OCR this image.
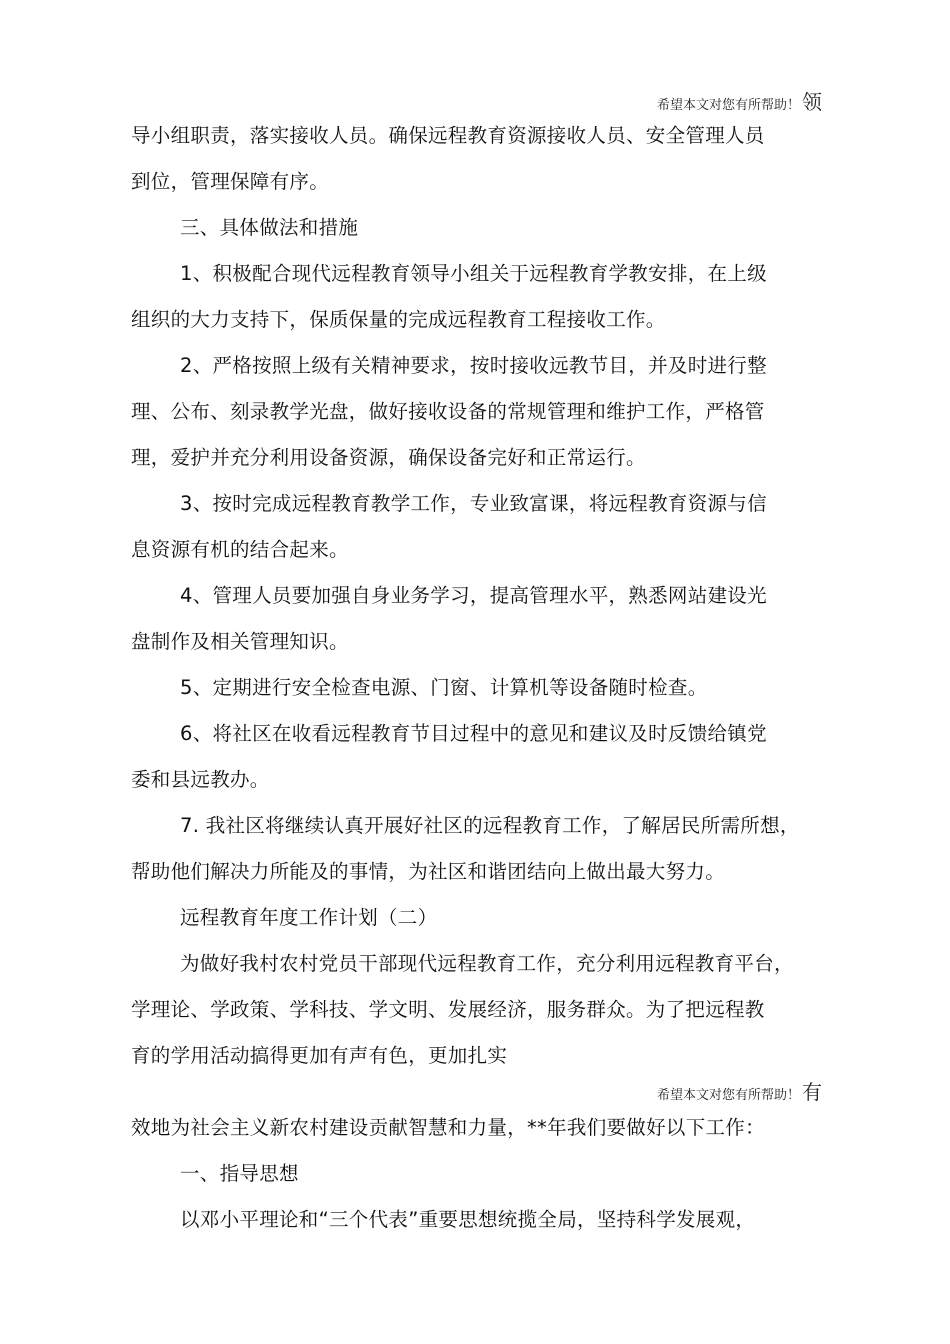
希望本文对您有所帮助！ 领
导小组职责，落实接收人员。确保远程教育资源接收人员、安全管理人员
到位，管理保障有序。
三、具体做法和措施
1、积极配合现代远程教育领导小组关于远程教育学教安排，在上级
组织的大力支持下，保质保量的完成远程教育工程接收工作。
2、严格按照上级有关精神要求，按时接收远教节目，并及时进行整
理、公布、刻录教学光盘，做好接收设备的常规管理和维护工作，严格管
理，爱护并充分利用设备资源，确保设备完好和正常运行。
3、按时完成远程教育教学工作，专业致富课，将远程教育资源与信
息资源有机的结合起来。
4、管理人员要加强自身业务学习，提高管理水平，熟悉网站建设光
盘制作及相关管理知识。
5、定期进行安全检查电源、门窗、计算机等设备随时检查。
6、将社区在收看远程教育节目过程中的意见和建议及时反馈给镇党
委和县远教办。
7. 我社区将继续认真开展好社区的远程教育工作，了解居民所需所想，
帮助他们解决力所能及的事情，为社区和谐团结向上做出最大努力。
远程教育年度工作计划（二）
为做好我村农村党员干部现代远程教育工作，充分利用远程教育平台，
学理论、学政策、学科技、学文明、发展经济，服务群众。为了把远程教
育的学用活动搞得更加有声有色，更加扎实
希望本文对您有所帮助！ 有
效地为社会主义新农村建设贡献智慧和力量，**年我们要做好以下工作：
一、指导思想
以邓小平理论和“三个代表”重要思想统揽全局，坚持科学发展观，
